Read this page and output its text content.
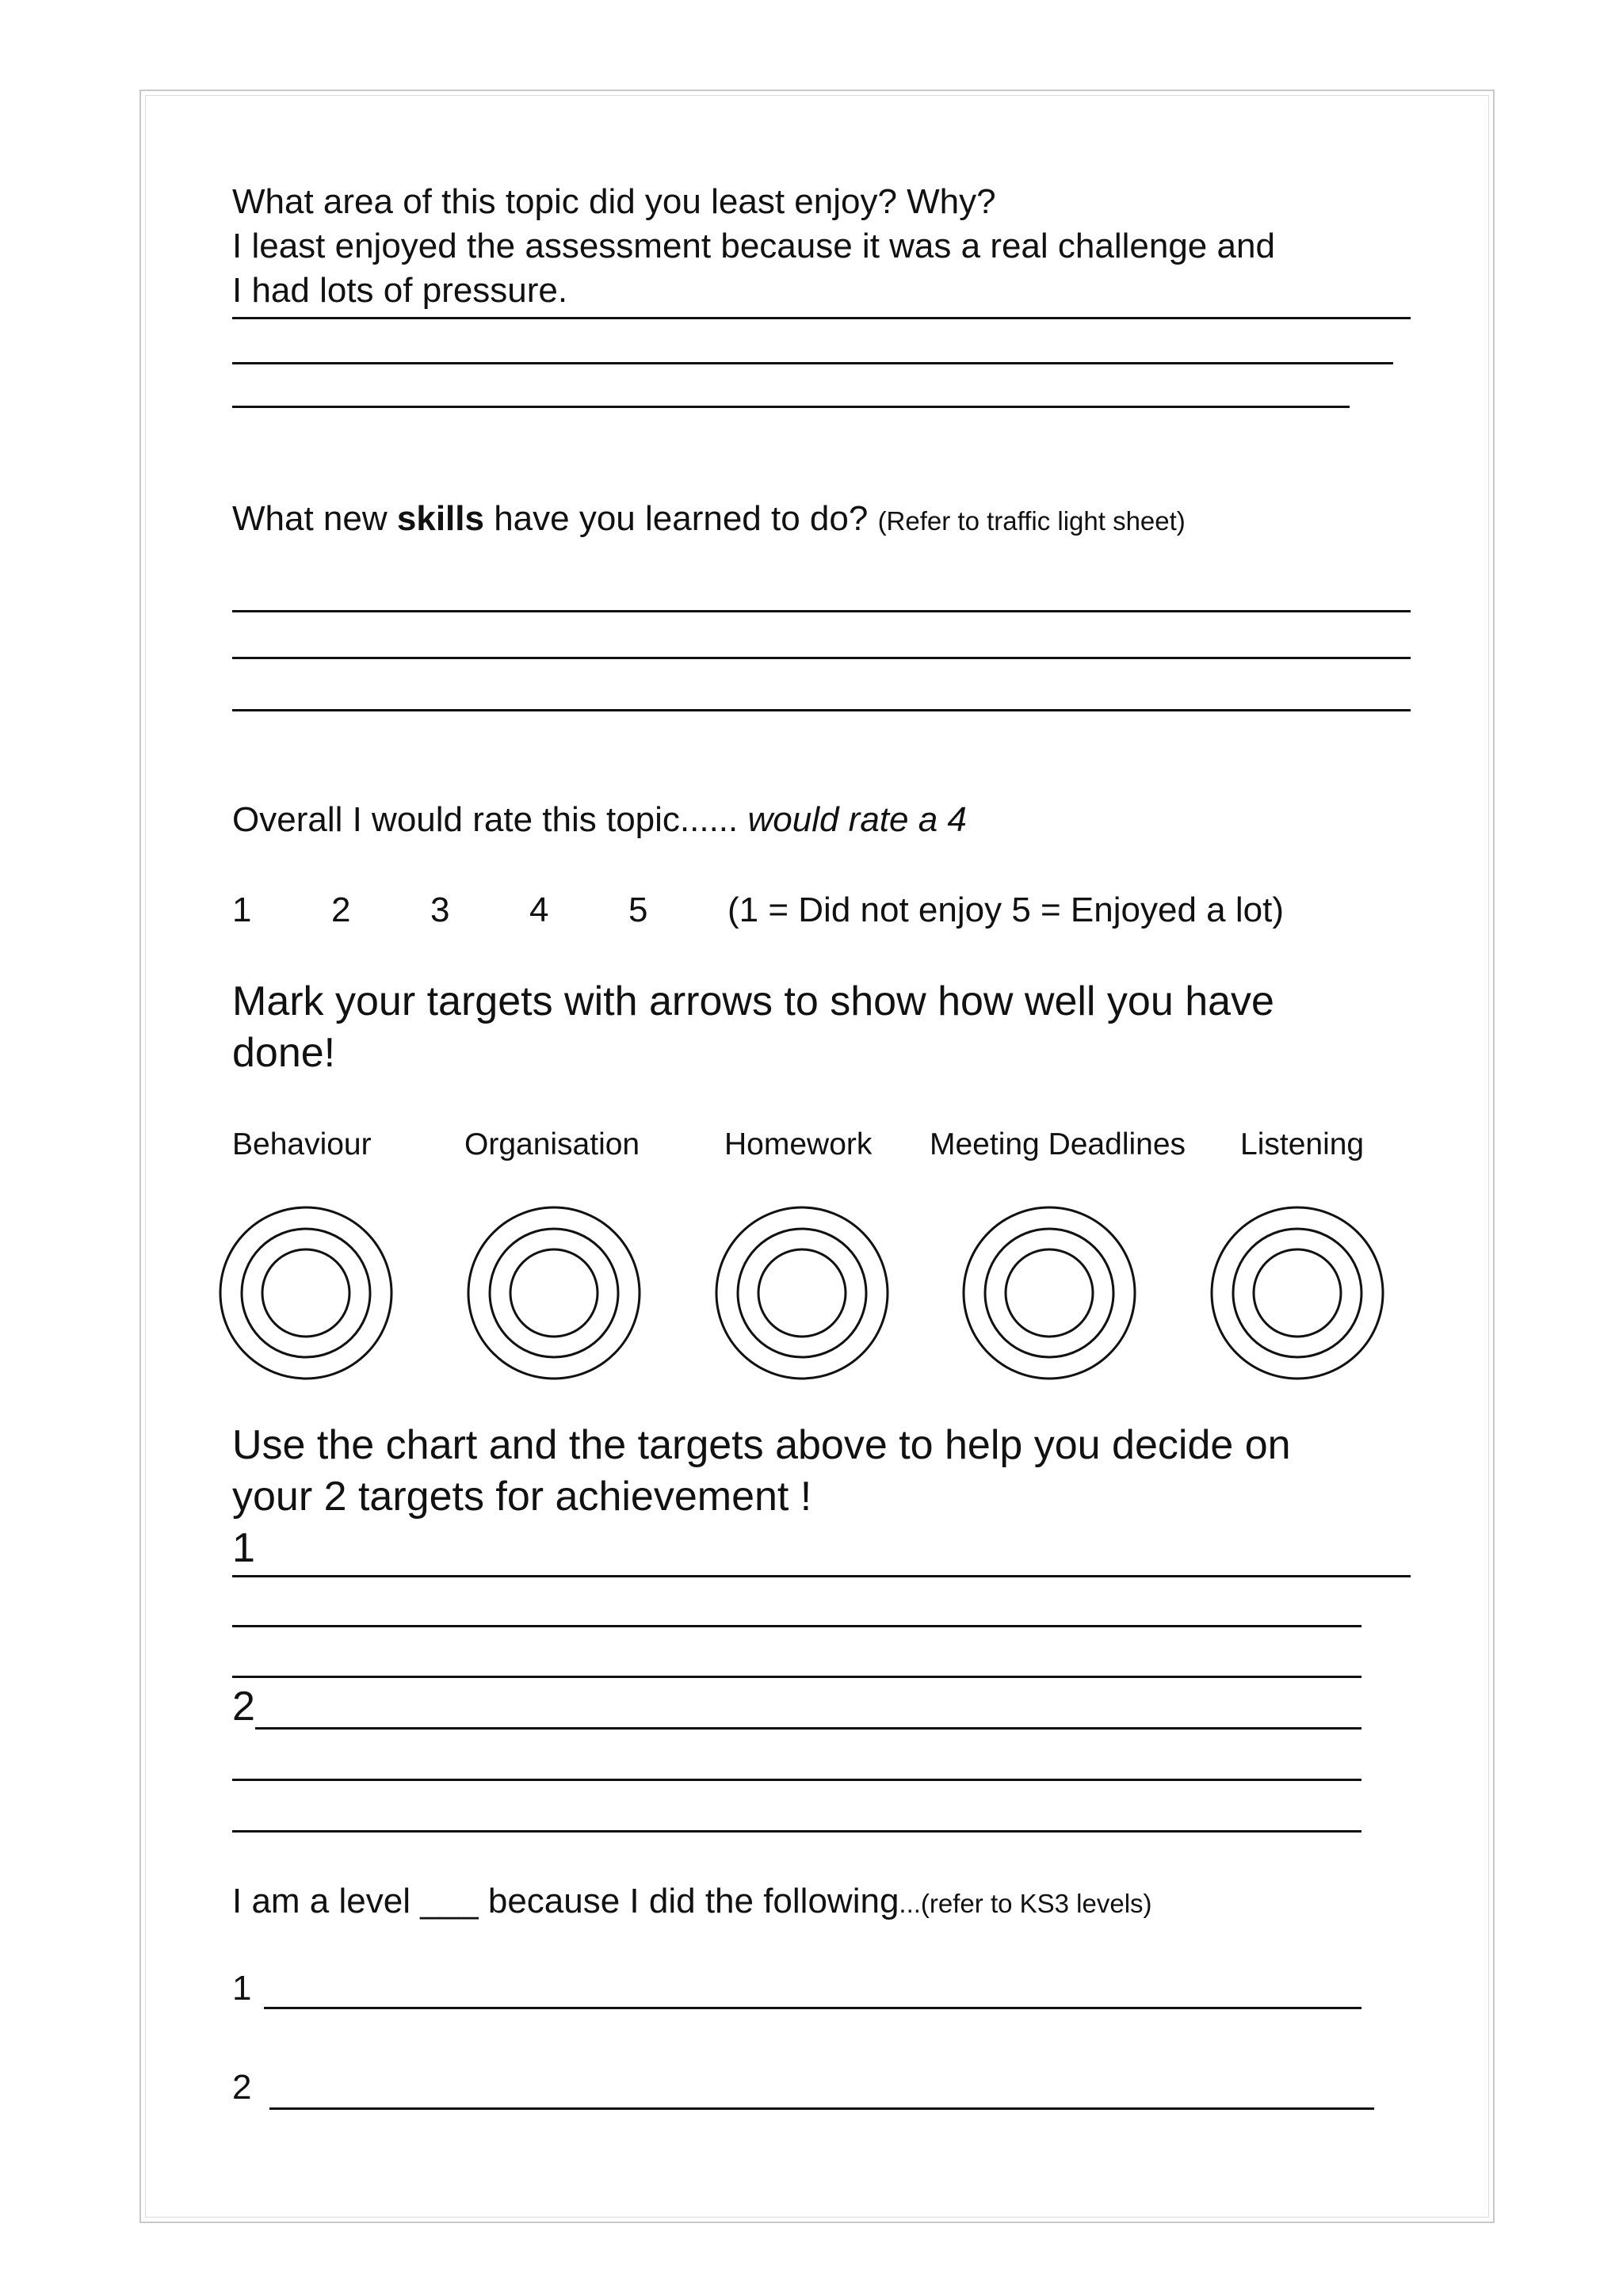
What area of this topic did you least enjoy? Why?

I least enjoyed the assessment because it was a real challenge and

I had lots of pressure.

What new skills have you learned to do? (Refer to traffic light sheet)

Overall I would rate this topic...... would rate a 4

1 2 3 4 5 (1 = Did not enjoy 5 = Enjoyed a lot)

Mark your targets with arrows to show how well you have

done!

Behaviour	Organisation	Homework Meeting Deadlines Listening

Use the chart and the targets above to help you decide on

your 2 targets for achievement !

1
2

I am a level ___ because I did the following...(refer to KS3 levels)

1
2
